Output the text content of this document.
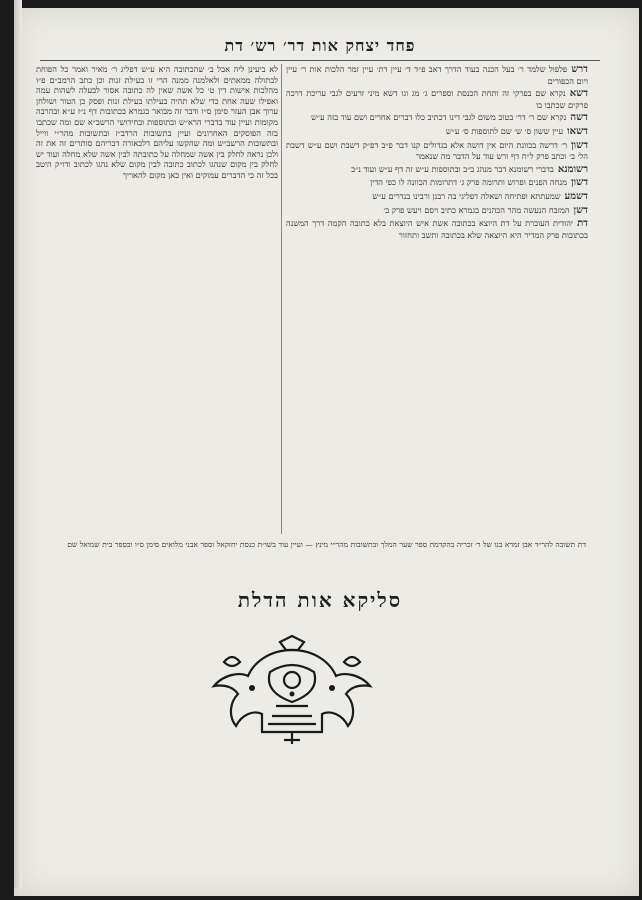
פחד יצחק אות דר׳ רש׳ דת
דרשפלפול שלמד ר׳ בעל הכנה בעוד הדרך דאב פ״ד ד׳ עיין דת׳ עיין זמר הלכות אות ר׳ עיין ויום הכפורים
דשאנקרא שם בפרקי זה ותחת הכנסת וספרים ג׳ מג וגו דשא מיני זרעים לגבי עריכת דרכה פרקים שכתבו בו
דשהנקרא שם ר׳ דר׳ בטוב משום לגבי דינו דכתיב כלו דברים אחרים ושם עוד בזה ע״ש
דשאועיין ששון ס׳ ש׳ שם לתוספות ס׳ ע״ש
דשוןר׳ דרשה בכוונת היום אין דושה אלא בגדולים קנו דבר פ״ב דפ״ק דשבת ושם ע״ש דשבת הל׳ ב׳ וכתב פרק ל״ח דף ורש עוד על הדבר מה שנאמר
רשומנאבדברי רשומנא דבר מנהג ב״ב ובתוספות ע״ש זה דף ע״ש ועוד נ״ב
דשוןמנחה הפנים ופרוש ותרומה פרק ג׳ דתרומות הכוונה לו כפי הדין
דשמעשמעתתא ופתיחה ושאלה דפליגי בה רבנן ורבינו בנדרים ע״ש
דשןהמזבח הנעשה מהר הכהנים בגמרא כתיב ויסם ויעש פרק ב׳
דתיהודית העוברת על דת היוצא בכתובה אשת איש היוצאת בלא כתובה הקמה דרך המשנה בכתובות פרק המדיר היא היוצאה שלא בכתובה ותשב ותחזור
לא ביעינן ליה אבל ב׳ שהכתובה היא ע״ש דפליג ר׳ מאיר ואמר כל הפוחת לבתולה ממאתים ולאלמנה ממנה הרי זו בעילת זנות וכן כתב הרמב״ם פ״ו מהלכות אישות דין ט׳ כל אשה שאין לה כתובה אסור לבעלה לשהות עמה ואפילו שעה אחת כדי שלא תהיה בעילתו בעילת זנות ופסק כן הטור ושולחן ערוך אבן העזר סימן ס״ו ודבר זה מבואר בגמרא בכתובות דף נ״ז ע״א ובהרבה מקומות ועיין עוד בדברי הרא״ש ובתוספות ובחידושי הרשב״א שם ומה שכתבו בזה הפוסקים האחרונים ועיין בתשובות הרדב״ז ובתשובות מהר״י ווייל ובתשובות הרשב״ש ומה שהקשו עליהם דלכאורה דבריהם סותרים זה את זה ולכן נראה לחלק בין אשה שמחלה על כתובתה לבין אשה שלא מחלה ועוד יש לחלק בין מקום שנהגו לכתוב כתובה לבין מקום שלא נהגו לכתוב ודו״ק היטב בכל זה כי הדברים עמוקים ואין כאן מקום להאריך
דת תשובה להר״ד אבן זמרא בנו של ר׳ זכריה בהקדמת ספר שער המלך ובתשובות מהר״י מינץ — ועיין עוד בשו״ת כנסת יחזקאל וספר אבני מלואים סימן ס״ו ובספר בית שמואל שם
סליקא אות הדלת
